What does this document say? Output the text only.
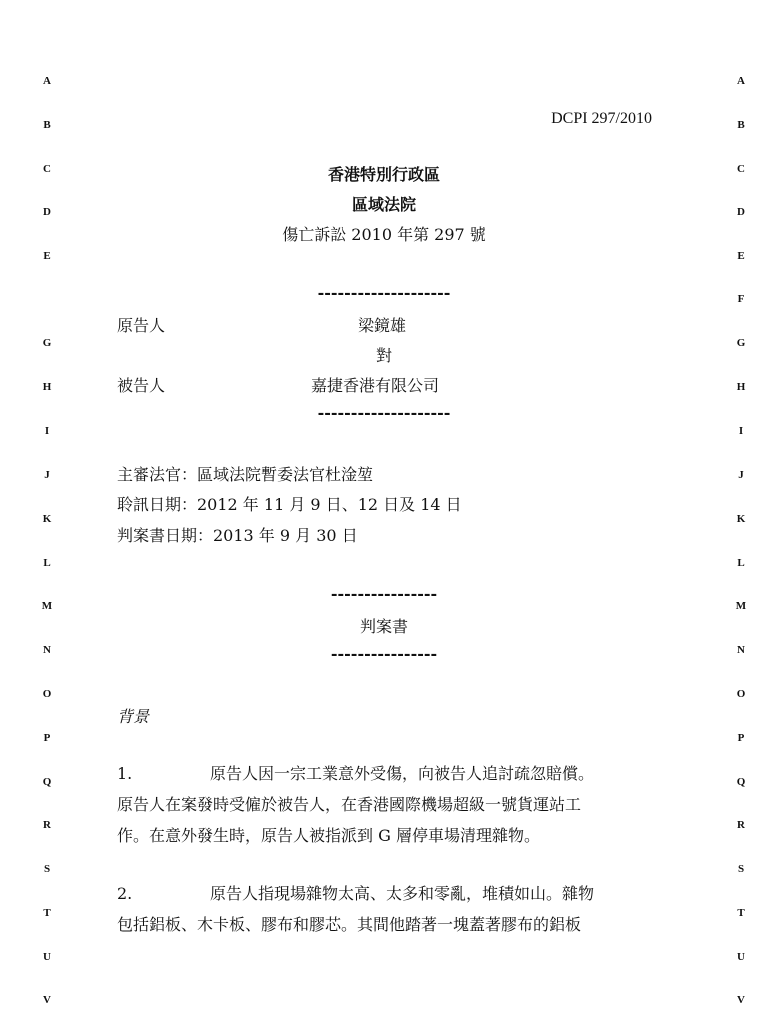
A
B
C
D
E
G
H
I
J
K
L
M
N
O
P
Q
R
S
T
U
V
A
B
C
D
E
F
G
H
I
J
K
L
M
N
O
P
Q
R
S
T
U
V
DCPI 297/2010
香港特別行政區
區域法院
傷亡訴訟 2010 年第 297 號
--------------------
原告人	梁鏡雄
對
被告人	嘉捷香港有限公司
--------------------
主審法官：區域法院暫委法官杜淦堃
聆訊日期：2012 年 11 月 9 日、12 日及 14 日
判案書日期：2013 年 9 月 30 日
----------------
判案書
----------------
背景
1.	原告人因一宗工業意外受傷，向被告人追討疏忽賠償。
原告人在案發時受僱於被告人，在香港國際機場超級一號貨運站工
作。在意外發生時，原告人被指派到 G 層停車場清理雜物。
2.	原告人指現場雜物太高、太多和零亂，堆積如山。雜物
包括鋁板、木卡板、膠布和膠芯。其間他踏著一塊蓋著膠布的鋁板
